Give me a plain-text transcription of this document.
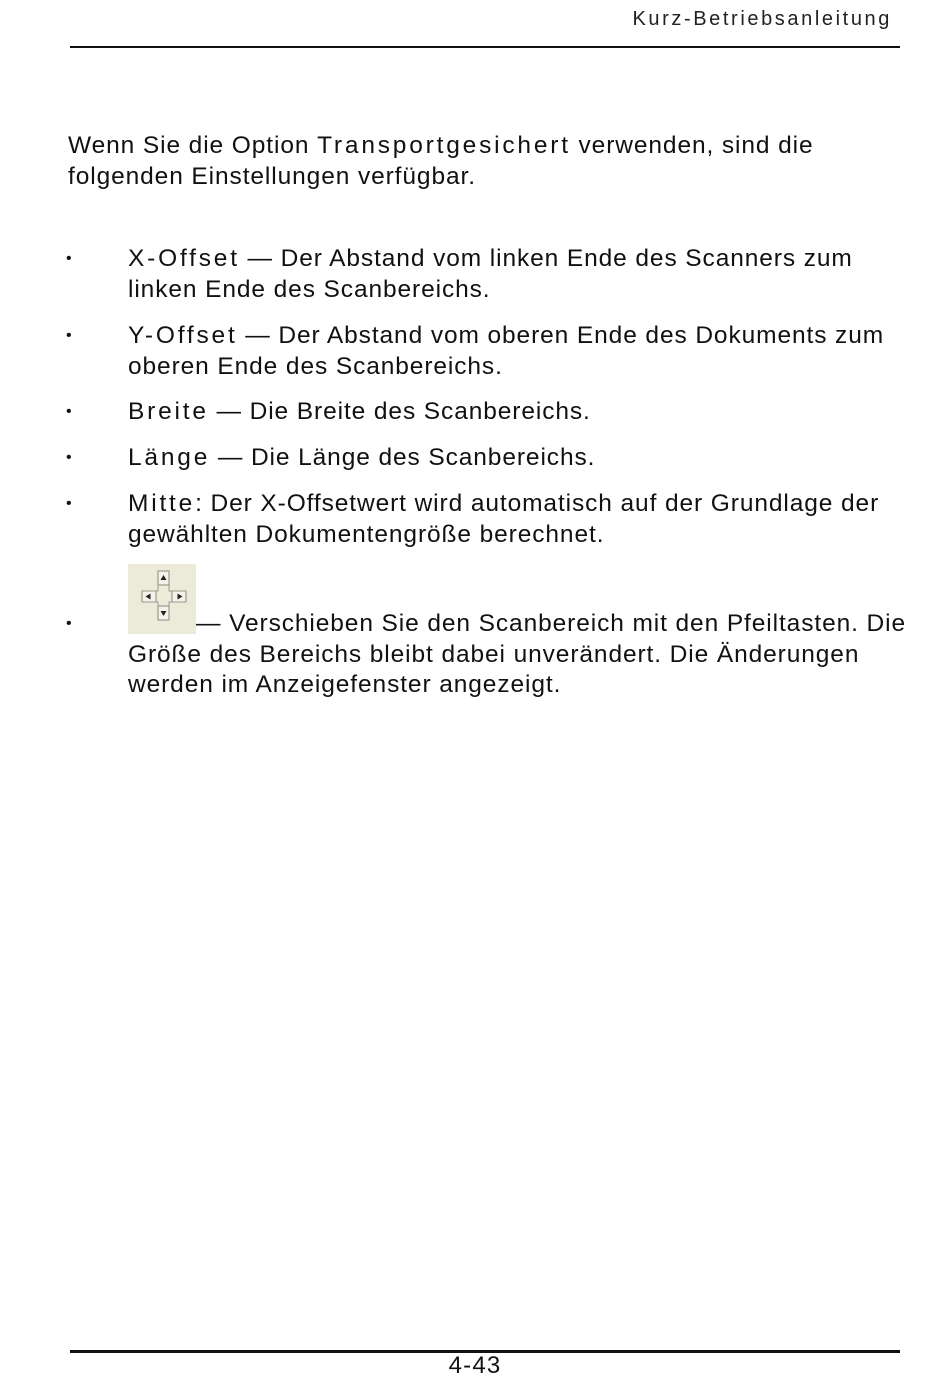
Kurz-Betriebsanleitung

Wenn Sie die Option Transportgesichert verwenden, sind die folgenden Einstellungen verfügbar.

• X-Offset — Der Abstand vom linken Ende des Scanners zum linken Ende des Scanbereichs.
• Y-Offset — Der Abstand vom oberen Ende des Dokuments zum oberen Ende des Scanbereichs.
• Breite — Die Breite des Scanbereichs.
• Länge — Die Länge des Scanbereichs.
• Mitte: Der X-Offsetwert wird automatisch auf der Grundlage der gewählten Dokumentengröße berechnet.
•	— Verschieben Sie den Scanbereich mit den Pfeiltasten. Die Größe des Bereichs bleibt dabei unverändert. Die Änderungen werden im Anzeigefenster angezeigt.
4-43
